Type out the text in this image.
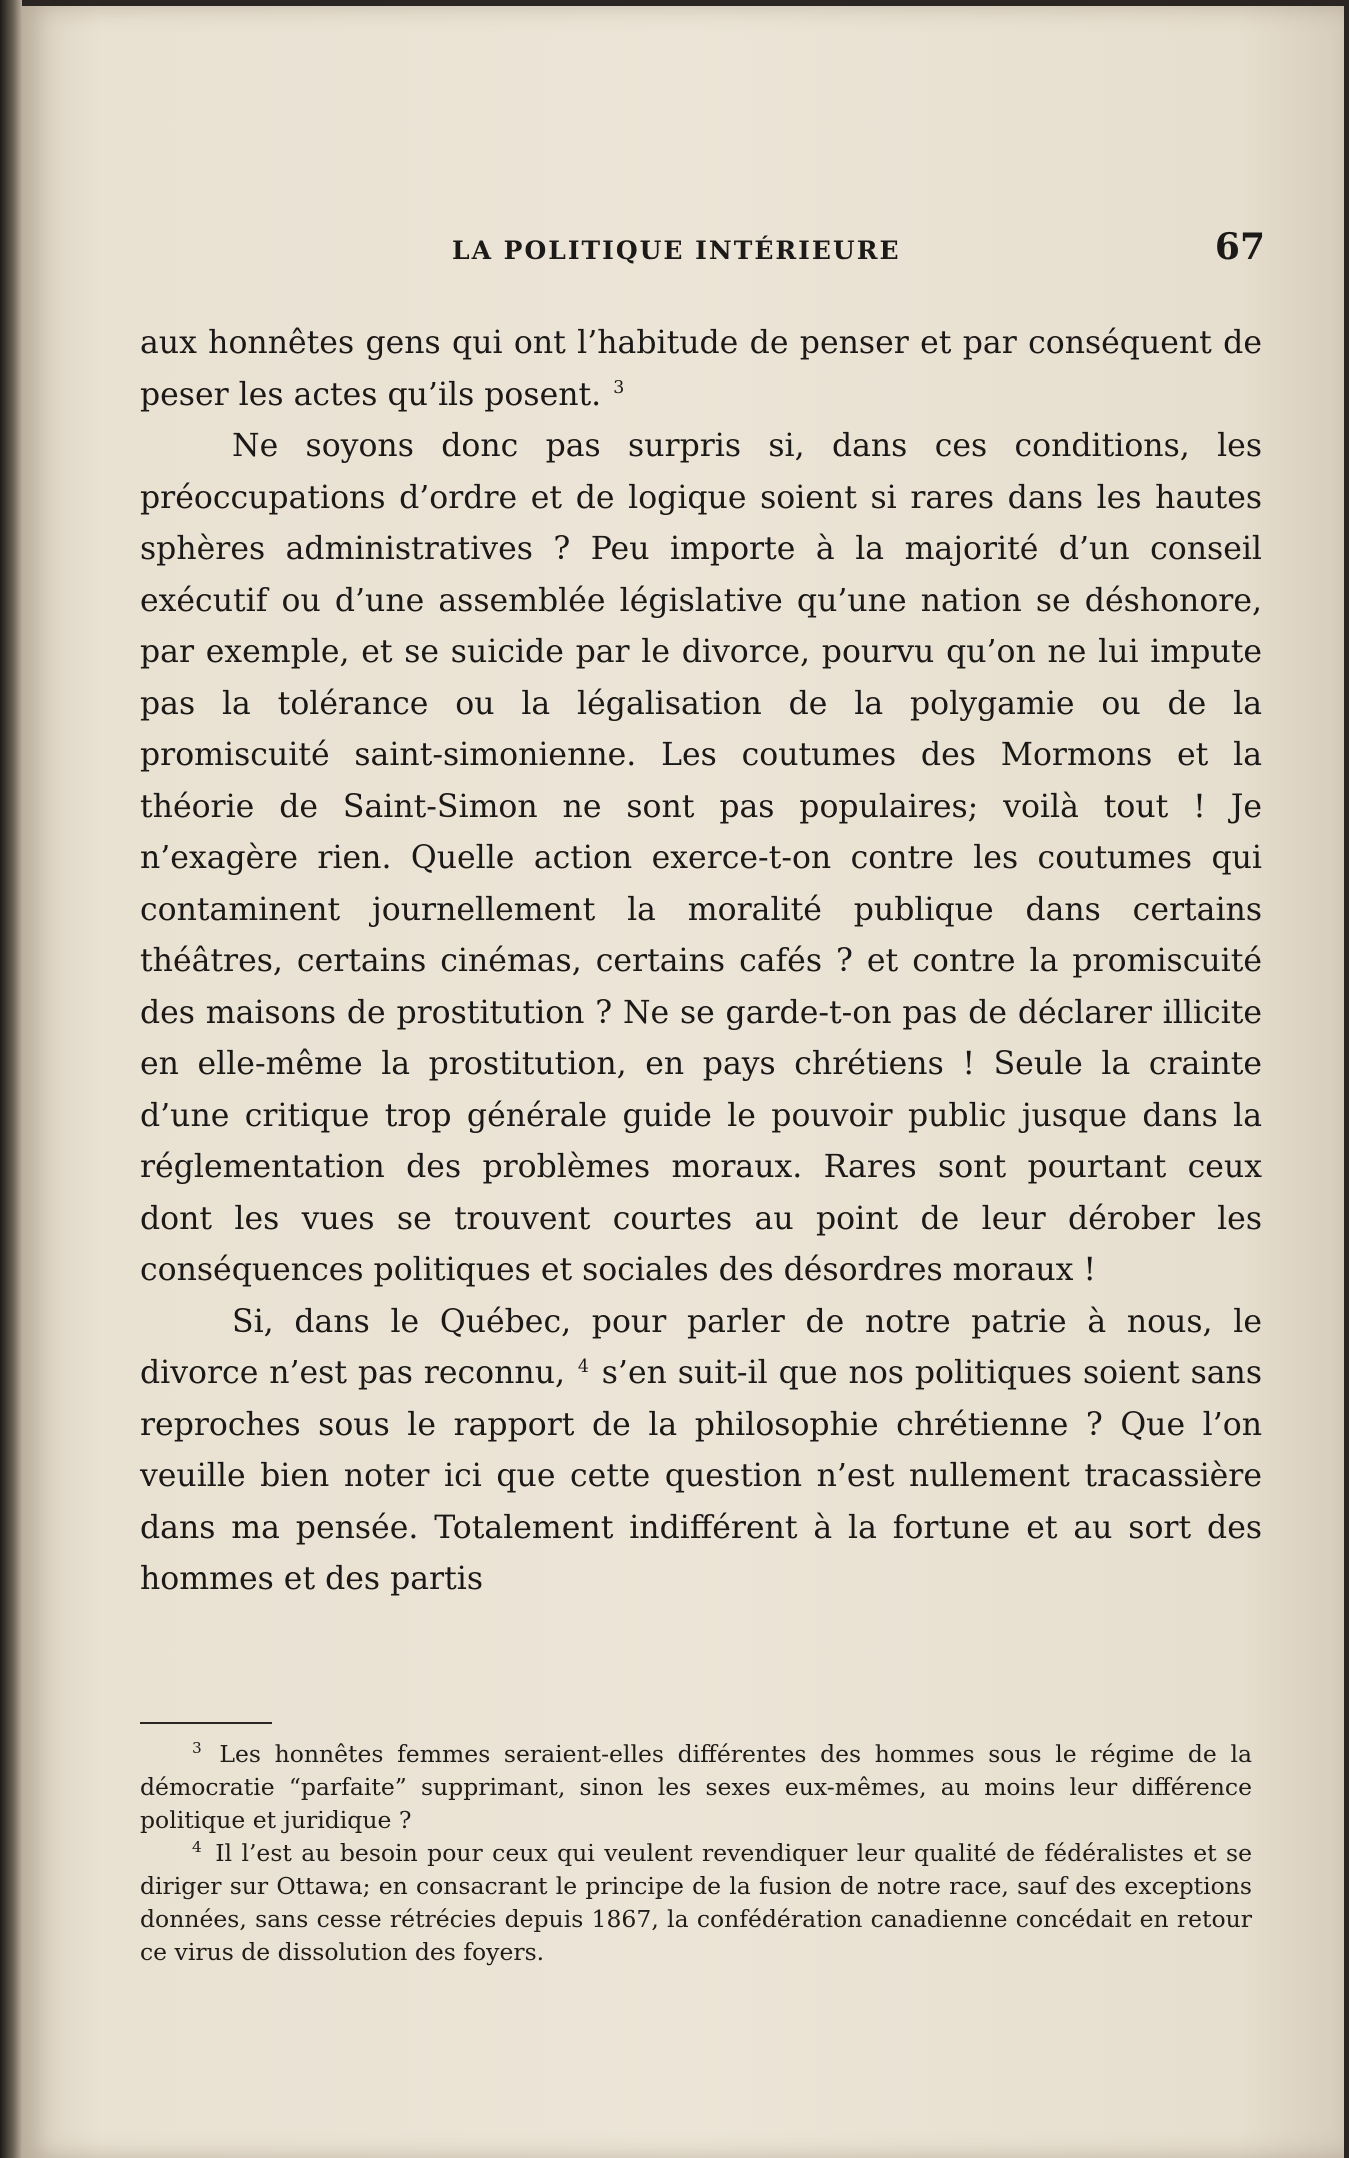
LA POLITIQUE INTÉRIEURE	67

aux honnêtes gens qui ont l’habitude de penser et par conséquent de peser les actes qu’ils posent. $^3$

Ne soyons donc pas surpris si, dans ces conditions, les préoccupations d’ordre et de logique soient si rares dans les hautes sphères administratives ? Peu importe à la majorité d’un conseil exécutif ou d’une assemblée législative qu’une nation se déshonore, par exemple, et se suicide par le divorce, pourvu qu’on ne lui impute pas la tolérance ou la légalisation de la polygamie ou de la promiscuité saint-simonienne. Les coutumes des Mormons et la théorie de Saint-Simon ne sont pas populaires; voilà tout ! Je n’exagère rien. Quelle action exerce-t-on contre les coutumes qui contaminent journellement la moralité publique dans certains théâtres, certains cinémas, certains cafés ? et contre la promiscuité des maisons de prostitution ? Ne se garde-t-on pas de déclarer illicite en elle-même la prostitution, en pays chrétiens ! Seule la crainte d’une critique trop générale guide le pouvoir public jusque dans la réglementation des problèmes moraux. Rares sont pourtant ceux dont les vues se trouvent courtes au point de leur dérober les conséquences politiques et sociales des désordres moraux !

Si, dans le Québec, pour parler de notre patrie à nous, le divorce n’est pas reconnu, $^4$ s’en suit-il que nos politiques soient sans reproches sous le rapport de la philosophie chrétienne ? Que l’on veuille bien noter ici que cette question n’est nullement tracassière dans ma pensée. Totalement indifférent à la fortune et au sort des hommes et des partis

$^3$ Les honnêtes femmes seraient-elles différentes des hommes sous le régime de la démocratie “parfaite” supprimant, sinon les sexes eux-mêmes, au moins leur différence politique et juridique ?

$^4$ Il l’est au besoin pour ceux qui veulent revendiquer leur qualité de fédéralistes et se diriger sur Ottawa; en consacrant le principe de la fusion de notre race, sauf des exceptions données, sans cesse rétrécies depuis 1867, la confédération canadienne concédait en retour ce virus de dissolution des foyers.
